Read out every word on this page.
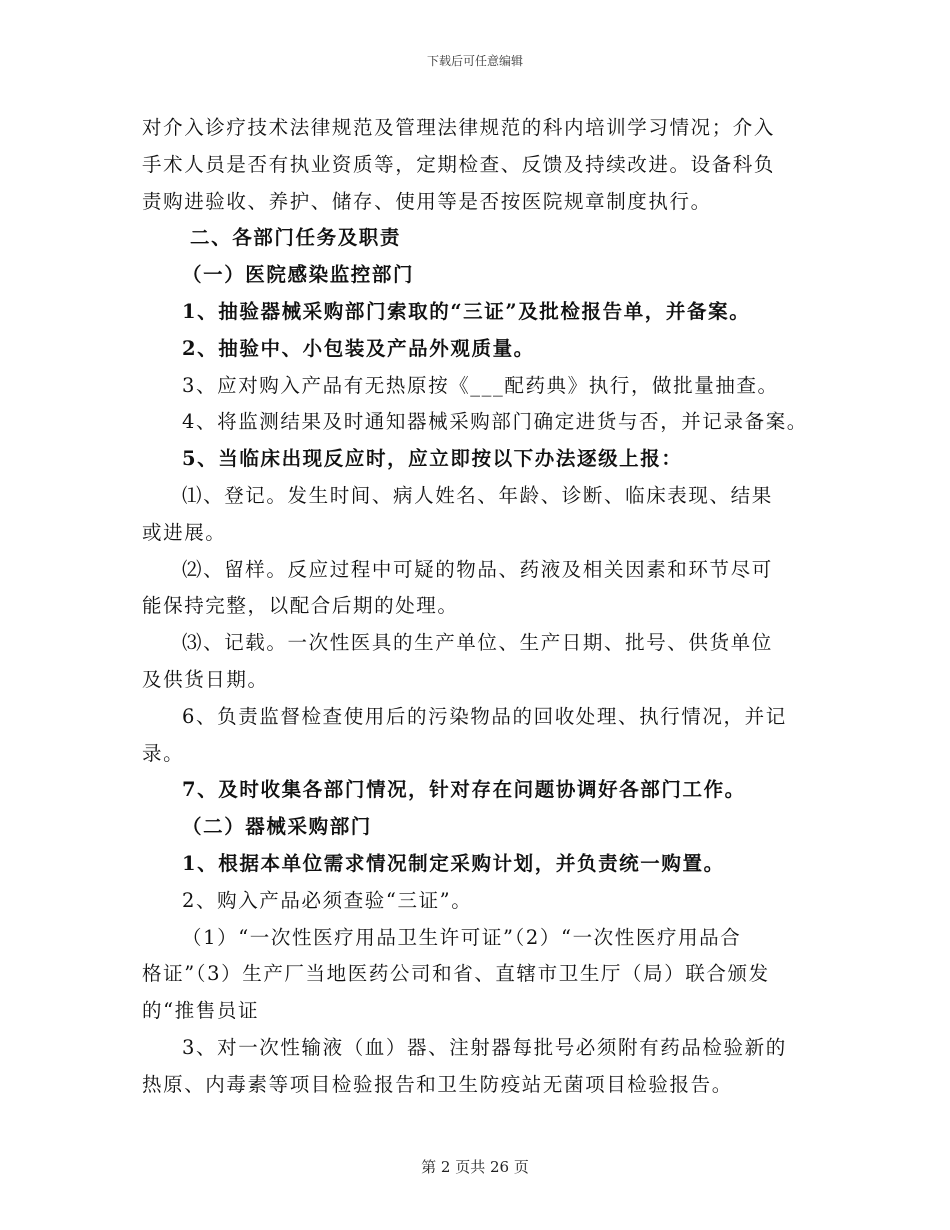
下载后可任意编辑

对介入诊疗技术法律规范及管理法律规范的科内培训学习情况；介入

手术人员是否有执业资质等，定期检查、反馈及持续改进。设备科负

责购进验收、养护、储存、使用等是否按医院规章制度执行。

二、各部门任务及职责

（一）医院感染监控部门

1、抽验器械采购部门索取的“三证”及批检报告单，并备案。

2、抽验中、小包装及产品外观质量。

3、应对购入产品有无热原按《___配药典》执行，做批量抽查。

4、将监测结果及时通知器械采购部门确定进货与否，并记录备案。

5、当临床出现反应时，应立即按以下办法逐级上报：

⑴、登记。发生时间、病人姓名、年龄、诊断、临床表现、结果

或进展。

⑵、留样。反应过程中可疑的物品、药液及相关因素和环节尽可

能保持完整，以配合后期的处理。

⑶、记载。一次性医具的生产单位、生产日期、批号、供货单位

及供货日期。

6、负责监督检查使用后的污染物品的回收处理、执行情况，并记

录。

7、及时收集各部门情况，针对存在问题协调好各部门工作。

（二）器械采购部门

1、根据本单位需求情况制定采购计划，并负责统一购置。

2、购入产品必须查验“三证”。

（1）“一次性医疗用品卫生许可证”（2）“一次性医疗用品合

格证”（3）生产厂当地医药公司和省、直辖市卫生厅（局）联合颁发

的“推售员证

3、对一次性输液（血）器、注射器每批号必须附有药品检验新的

热原、内毒素等项目检验报告和卫生防疫站无菌项目检验报告。

第 2 页共 26 页
